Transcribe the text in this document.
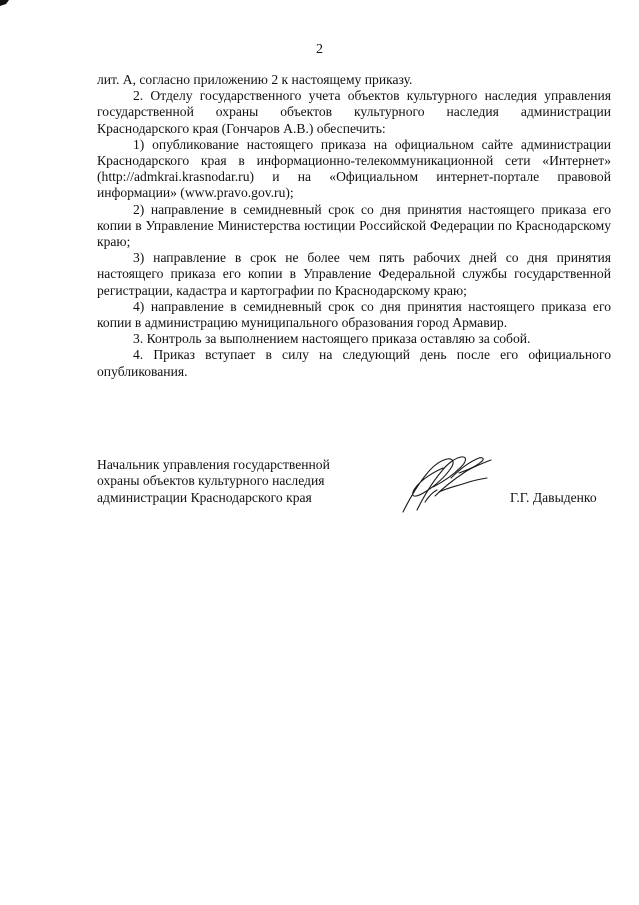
2

лит. А, согласно приложению 2 к настоящему приказу.

2. Отделу государственного учета объектов культурного наследия управления государственной охраны объектов культурного наследия администрации Краснодарского края (Гончаров А.В.) обеспечить:

1) опубликование настоящего приказа на официальном сайте администрации Краснодарского края в информационно-телекоммуникационной сети «Интернет» (http://admkrai.krasnodar.ru) и на «Официальном интернет-портале правовой информации» (www.pravo.gov.ru);

2) направление в семидневный срок со дня принятия настоящего приказа его копии в Управление Министерства юстиции Российской Федерации по Краснодарскому краю;

3) направление в срок не более чем пять рабочих дней со дня принятия настоящего приказа его копии в Управление Федеральной службы государственной регистрации, кадастра и картографии по Краснодарскому краю;

4) направление в семидневный срок со дня принятия настоящего приказа его копии в администрацию муниципального образования город Армавир.

3. Контроль за выполнением настоящего приказа оставляю за собой.

4. Приказ вступает в силу на следующий день после его официального опубликования.

Начальник управления государственной
охраны объектов культурного наследия
администрации Краснодарского края	Г.Г. Давыденко
